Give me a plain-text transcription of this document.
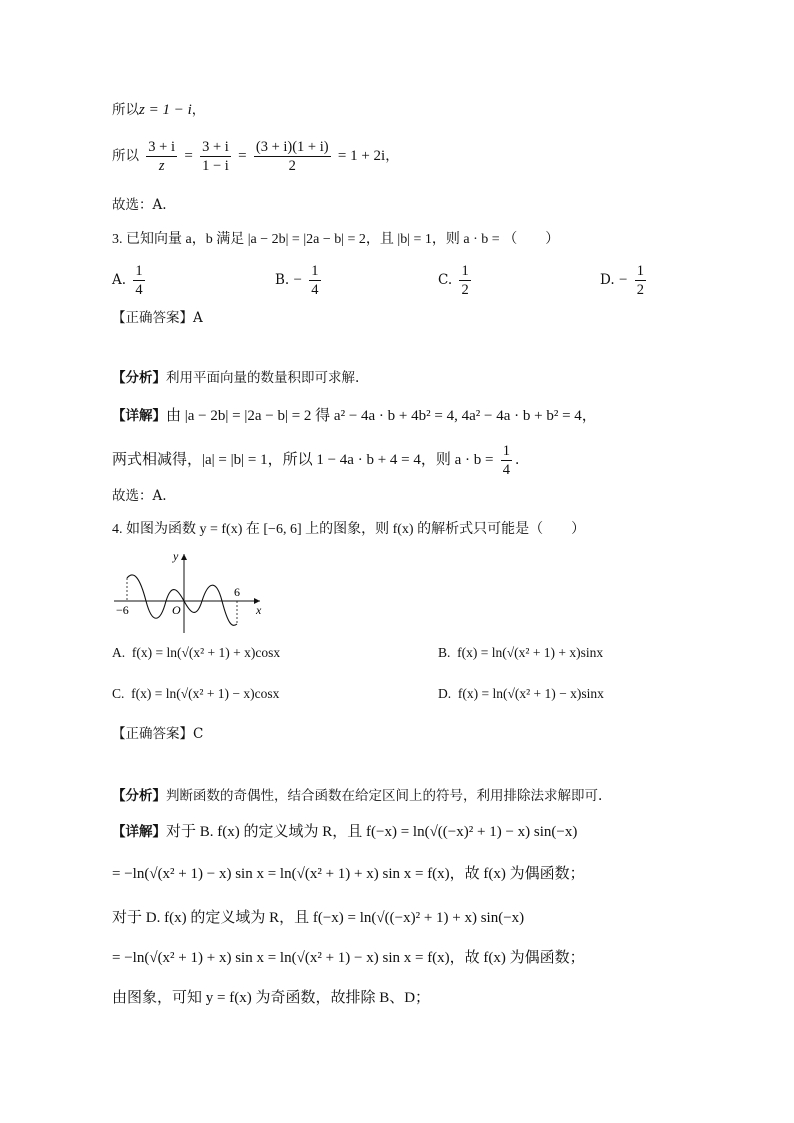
所以z = 1 − i，
所以 $\frac{3 + i}{z} = \frac{3 + i}{1 - i} = \frac{(3 + i)(1 + i)}{2} = 1 + 2i$，
故选：A.
3. 已知向量 a，b 满足 |a − 2b| = |2a − b| = 2，且 |b| = 1，则 a · b = （　　）
A. $\frac{1}{4}$	B. − $\frac{1}{4}$	C. $\frac{1}{2}$	D. − $\frac{1}{2}$
【正确答案】A
【分析】利用平面向量的数量积即可求解.
【详解】由 |a − 2b| = |2a − b| = 2 得 a² − 4a · b + 4b² = 4, 4a² − 4a · b + b² = 4，
两式相减得，|a| = |b| = 1，所以 1 − 4a · b + 4 = 4，则 $a \cdot b = \frac{1}{4}$ .
故选：A.
4. 如图为函数 y = f(x) 在 [−6, 6] 上的图象，则 f(x) 的解析式只可能是（　　）
y
x
O
−6
6
A. f(x) = ln(√(x² + 1) + x)cosx	B. f(x) = ln(√(x² + 1) + x)sinx
C. f(x) = ln(√(x² + 1) − x)cosx	D. f(x) = ln(√(x² + 1) − x)sinx
【正确答案】C
【分析】判断函数的奇偶性，结合函数在给定区间上的符号，利用排除法求解即可.
【详解】对于 B. f(x) 的定义域为 R，且 f(−x) = ln(√((−x)² + 1) − x) sin(−x)
= −ln(√(x² + 1) − x) sin x = ln(√(x² + 1) + x) sin x = f(x)，故 f(x) 为偶函数；
对于 D. f(x) 的定义域为 R，且 f(−x) = ln(√((−x)² + 1) + x) sin(−x)
= −ln(√(x² + 1) + x) sin x = ln(√(x² + 1) − x) sin x = f(x)，故 f(x) 为偶函数；
由图象，可知 y = f(x) 为奇函数，故排除 B、D；
